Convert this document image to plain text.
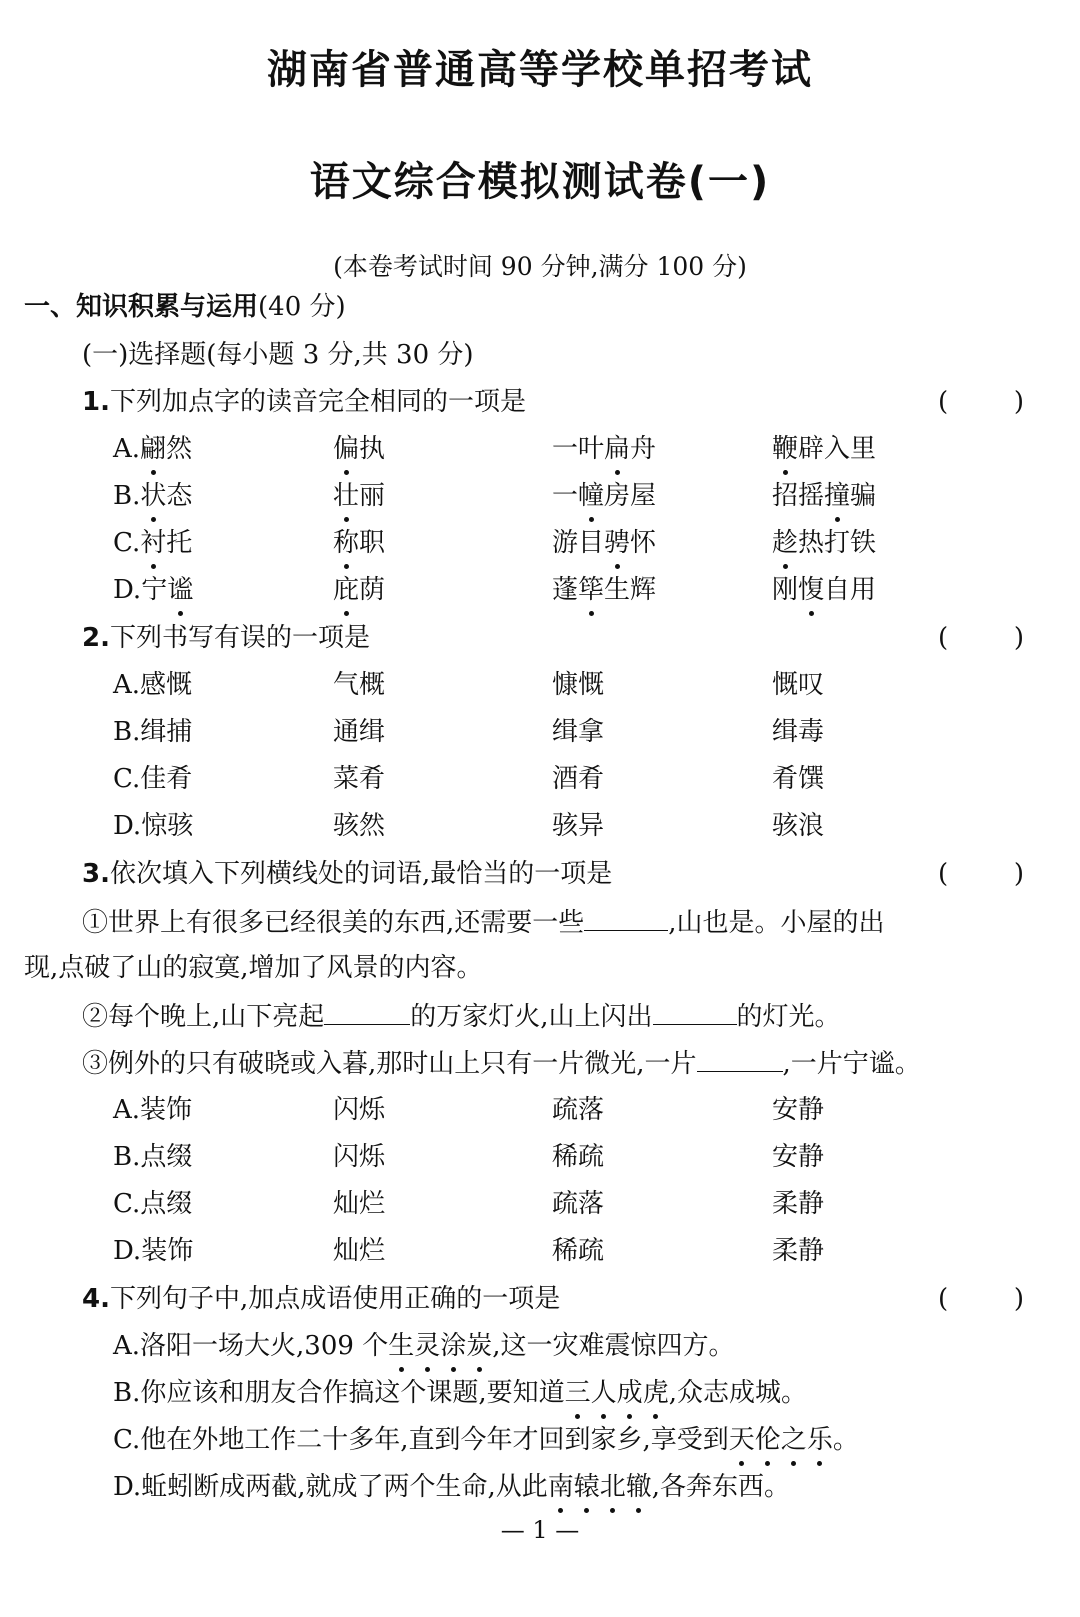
湖南省普通高等学校单招考试
语文综合模拟测试卷(一)
(本卷考试时间 90 分钟,满分 100 分)
一、知识积累与运用(40 分)
(一)选择题(每小题 3 分,共 30 分)
1.下列加点字的读音完全相同的一项是	(	)
A.翩然	偏执	一叶扁舟	鞭辟入里
B.状态	壮丽	一幢房屋	招摇撞骗
C.衬托	称职	游目骋怀	趁热打铁
D.宁谧	庇荫	蓬筚生辉	刚愎自用
2.下列书写有误的一项是	(	)
A.感慨	气概	慷慨	慨叹
B.缉捕	通缉	缉拿	缉毒
C.佳肴	菜肴	酒肴	肴馔
D.惊骇	骇然	骇异	骇浪
3.依次填入下列横线处的词语,最恰当的一项是	(	)
①世界上有很多已经很美的东西,还需要一些	,山也是。小屋的出
现,点破了山的寂寞,增加了风景的内容。
②每个晚上,山下亮起	的万家灯火,山上闪出	的灯光。
③例外的只有破晓或入暮,那时山上只有一片微光,一片	,一片宁谧。
A.装饰	闪烁	疏落	安静
B.点缀	闪烁	稀疏	安静
C.点缀	灿烂	疏落	柔静
D.装饰	灿烂	稀疏	柔静
4.下列句子中,加点成语使用正确的一项是	(	)
A.洛阳一场大火,309 个生灵涂炭,这一灾难震惊四方。
B.你应该和朋友合作搞这个课题,要知道三人成虎,众志成城。
C.他在外地工作二十多年,直到今年才回到家乡,享受到天伦之乐。
D.蚯蚓断成两截,就成了两个生命,从此南辕北辙,各奔东西。
— 1 —
